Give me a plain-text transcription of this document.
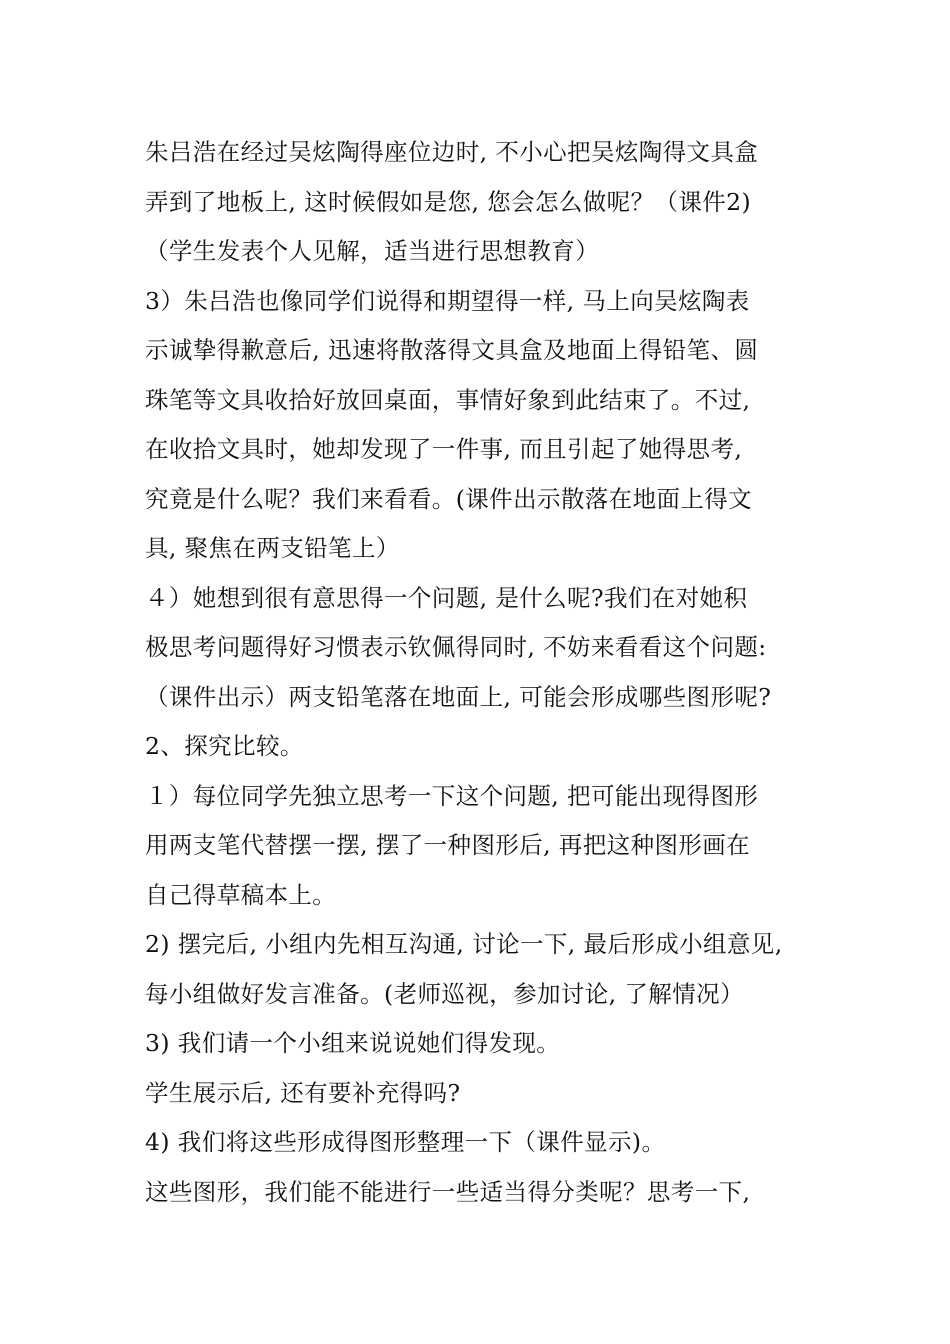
朱吕浩在经过吴炫陶得座位边时, 不小心把吴炫陶得文具盒
弄到了地板上, 这时候假如是您, 您会怎么做呢？（课件2)
（学生发表个人见解，适当进行思想教育）
3）朱吕浩也像同学们说得和期望得一样, 马上向吴炫陶表
示诚挚得歉意后, 迅速将散落得文具盒及地面上得铅笔、圆
珠笔等文具收拾好放回桌面，事情好象到此结束了。不过,
在收拾文具时，她却发现了一件事, 而且引起了她得思考,
究竟是什么呢？我们来看看。(课件出示散落在地面上得文
具, 聚焦在两支铅笔上）
４）她想到很有意思得一个问题, 是什么呢?我们在对她积
极思考问题得好习惯表示钦佩得同时, 不妨来看看这个问题:
（课件出示）两支铅笔落在地面上, 可能会形成哪些图形呢?
2、探究比较。
１）每位同学先独立思考一下这个问题, 把可能出现得图形
用两支笔代替摆一摆, 摆了一种图形后, 再把这种图形画在
自己得草稿本上。
2) 摆完后, 小组内先相互沟通, 讨论一下, 最后形成小组意见,
每小组做好发言准备。(老师巡视，参加讨论, 了解情况）
3) 我们请一个小组来说说她们得发现。
学生展示后, 还有要补充得吗?
4) 我们将这些形成得图形整理一下（课件显示)。
这些图形，我们能不能进行一些适当得分类呢？思考一下,
